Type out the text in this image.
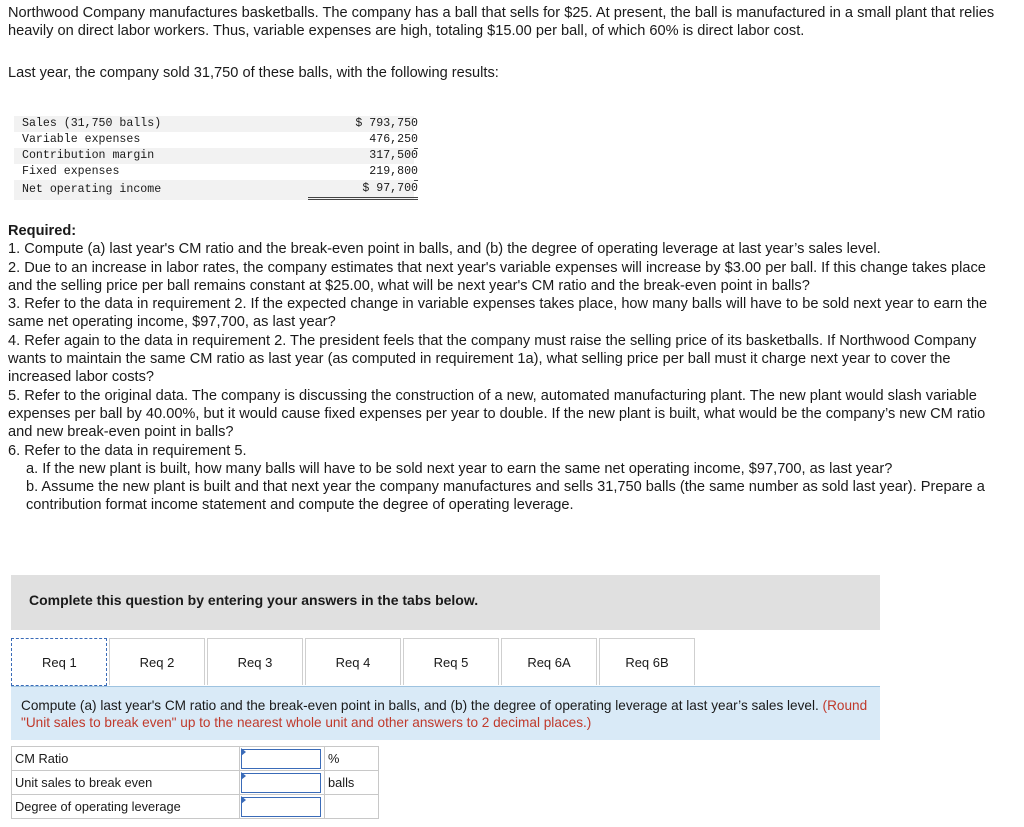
Northwood Company manufactures basketballs. The company has a ball that sells for $25. At present, the ball is manufactured in a small plant that relies heavily on direct labor workers. Thus, variable expenses are high, totaling $15.00 per ball, of which 60% is direct labor cost.

Last year, the company sold 31,750 of these balls, with the following results:

Sales (31,750 balls)	$ 793,750
Variable expenses	476,250
Contribution margin	317,500
Fixed expenses	219,800
Net operating income	$ 97,700
Required:
1. Compute (a) last year's CM ratio and the break-even point in balls, and (b) the degree of operating leverage at last year’s sales level.
2. Due to an increase in labor rates, the company estimates that next year's variable expenses will increase by $3.00 per ball. If this change takes place and the selling price per ball remains constant at $25.00, what will be next year's CM ratio and the break-even point in balls?
3. Refer to the data in requirement 2. If the expected change in variable expenses takes place, how many balls will have to be sold next year to earn the same net operating income, $97,700, as last year?
4. Refer again to the data in requirement 2. The president feels that the company must raise the selling price of its basketballs. If Northwood Company wants to maintain the same CM ratio as last year (as computed in requirement 1a), what selling price per ball must it charge next year to cover the increased labor costs?
5. Refer to the original data. The company is discussing the construction of a new, automated manufacturing plant. The new plant would slash variable expenses per ball by 40.00%, but it would cause fixed expenses per year to double. If the new plant is built, what would be the company’s new CM ratio and new break-even point in balls?
6. Refer to the data in requirement 5.
a. If the new plant is built, how many balls will have to be sold next year to earn the same net operating income, $97,700, as last year?
b. Assume the new plant is built and that next year the company manufactures and sells 31,750 balls (the same number as sold last year). Prepare a contribution format income statement and compute the degree of operating leverage.
Complete this question by entering your answers in the tabs below.
Req 1	Req 2	Req 3	Req 4	Req 5	Req 6A	Req 6B
Compute (a) last year's CM ratio and the break-even point in balls, and (b) the degree of operating leverage at last year’s sales level. (Round "Unit sales to break even" up to the nearest whole unit and other answers to 2 decimal places.)
CM Ratio		%
Unit sales to break even		balls
Degree of operating leverage	
